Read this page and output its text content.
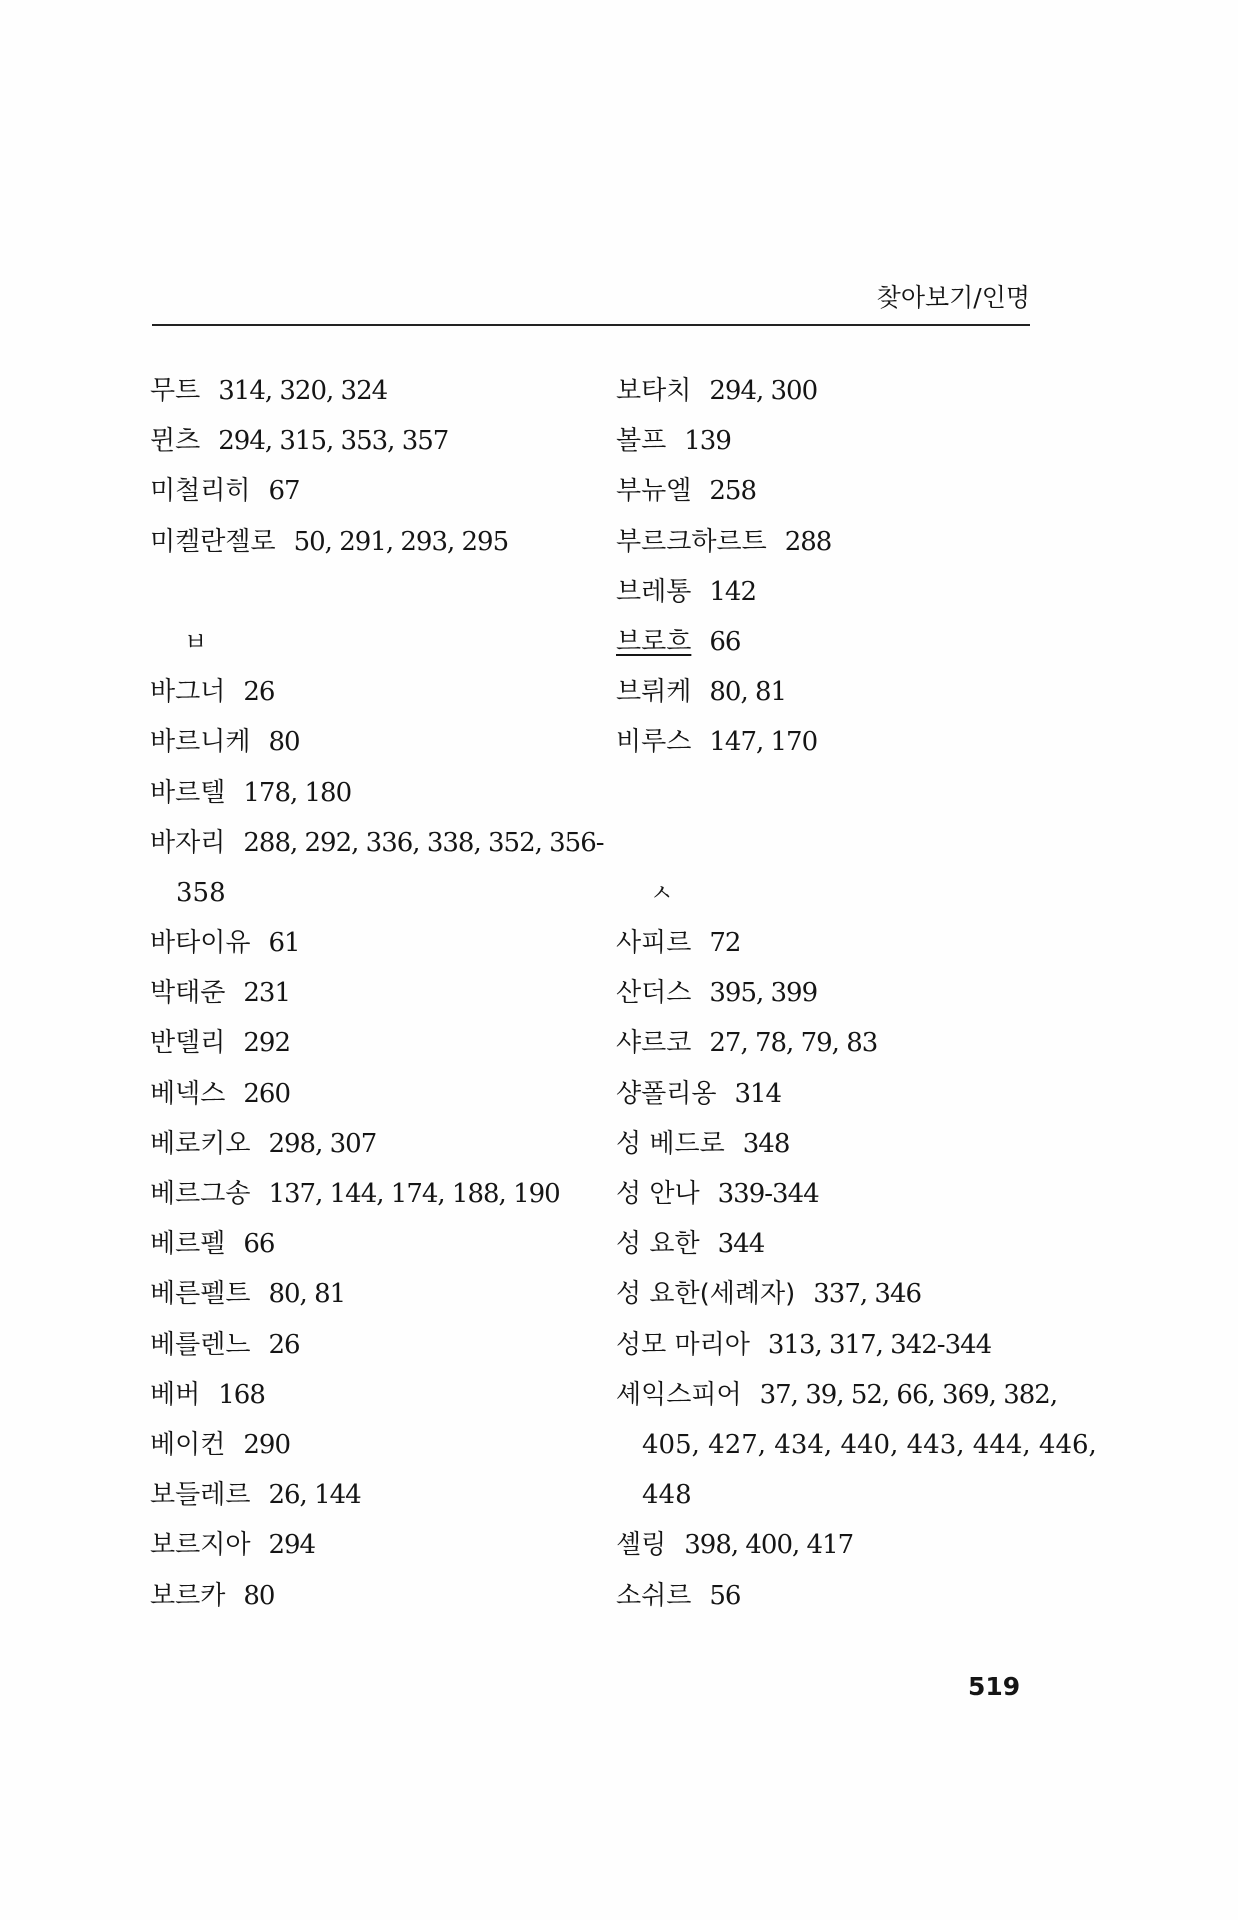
찾아보기/인명
무트 314, 320, 324
뮌츠 294, 315, 353, 357
미철리히 67
미켈란젤로 50, 291, 293, 295
ㅂ
바그너 26
바르니케 80
바르텔 178, 180
바자리 288, 292, 336, 338, 352, 356-
358
바타이유 61
박태준 231
반델리 292
베넥스 260
베로키오 298, 307
베르그송 137, 144, 174, 188, 190
베르펠 66
베른펠트 80, 81
베를렌느 26
베버 168
베이컨 290
보들레르 26, 144
보르지아 294
보르카 80
보타치 294, 300
볼프 139
부뉴엘 258
부르크하르트 288
브레통 142
브로흐 66
브뤼케 80, 81
비루스 147, 170
ㅅ
사피르 72
산더스 395, 399
샤르코 27, 78, 79, 83
샹폴리옹 314
성 베드로 348
성 안나 339-344
성 요한 344
성 요한(세례자) 337, 346
성모 마리아 313, 317, 342-344
셰익스피어 37, 39, 52, 66, 369, 382,
405, 427, 434, 440, 443, 444, 446,
448
셸링 398, 400, 417
소쉬르 56
519
